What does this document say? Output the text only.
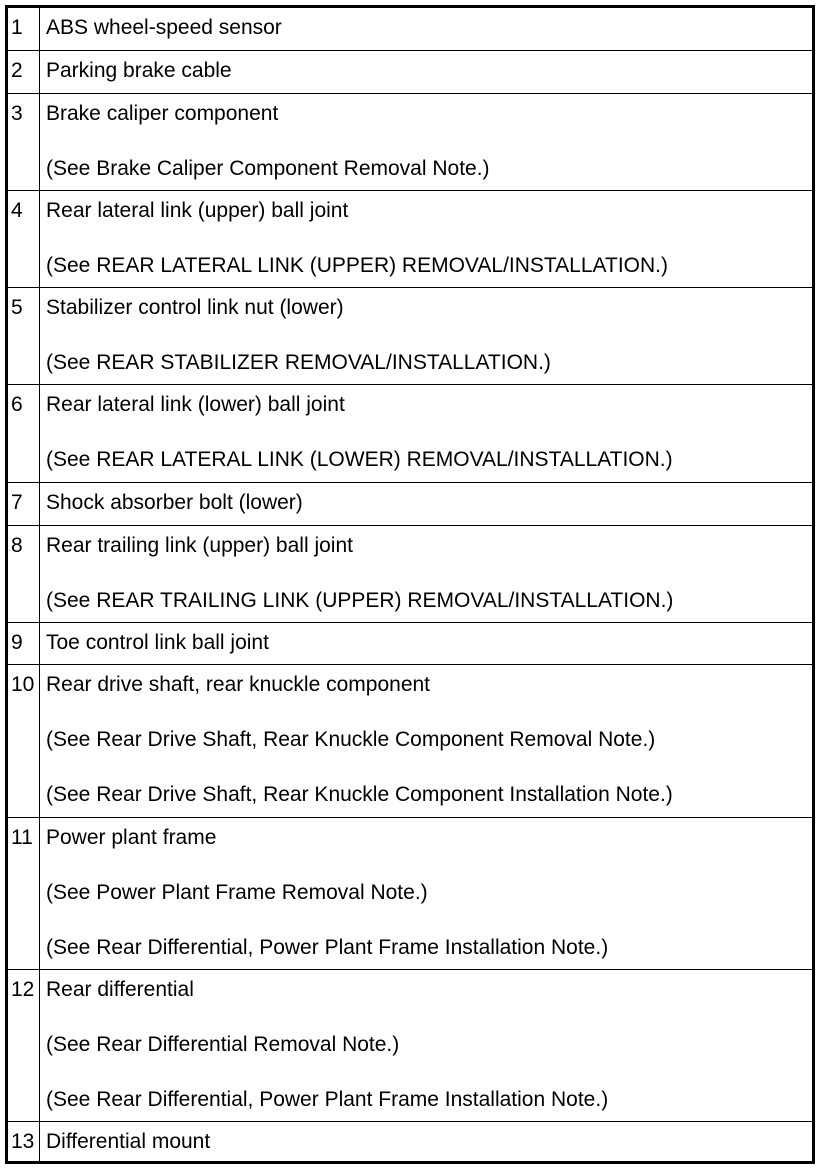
1	ABS wheel-speed sensor
2	Parking brake cable
3	Brake caliper component
(See Brake Caliper Component Removal Note.)
4	Rear lateral link (upper) ball joint
(See REAR LATERAL LINK (UPPER) REMOVAL/INSTALLATION.)
5	Stabilizer control link nut (lower)
(See REAR STABILIZER REMOVAL/INSTALLATION.)
6	Rear lateral link (lower) ball joint
(See REAR LATERAL LINK (LOWER) REMOVAL/INSTALLATION.)
7	Shock absorber bolt (lower)
8	Rear trailing link (upper) ball joint
(See REAR TRAILING LINK (UPPER) REMOVAL/INSTALLATION.)
9	Toe control link ball joint
10 Rear drive shaft, rear knuckle component
(See Rear Drive Shaft, Rear Knuckle Component Removal Note.)
(See Rear Drive Shaft, Rear Knuckle Component Installation Note.)
11 Power plant frame
(See Power Plant Frame Removal Note.)
(See Rear Differential, Power Plant Frame Installation Note.)
12 Rear differential
(See Rear Differential Removal Note.)
(See Rear Differential, Power Plant Frame Installation Note.)
13 Differential mount
